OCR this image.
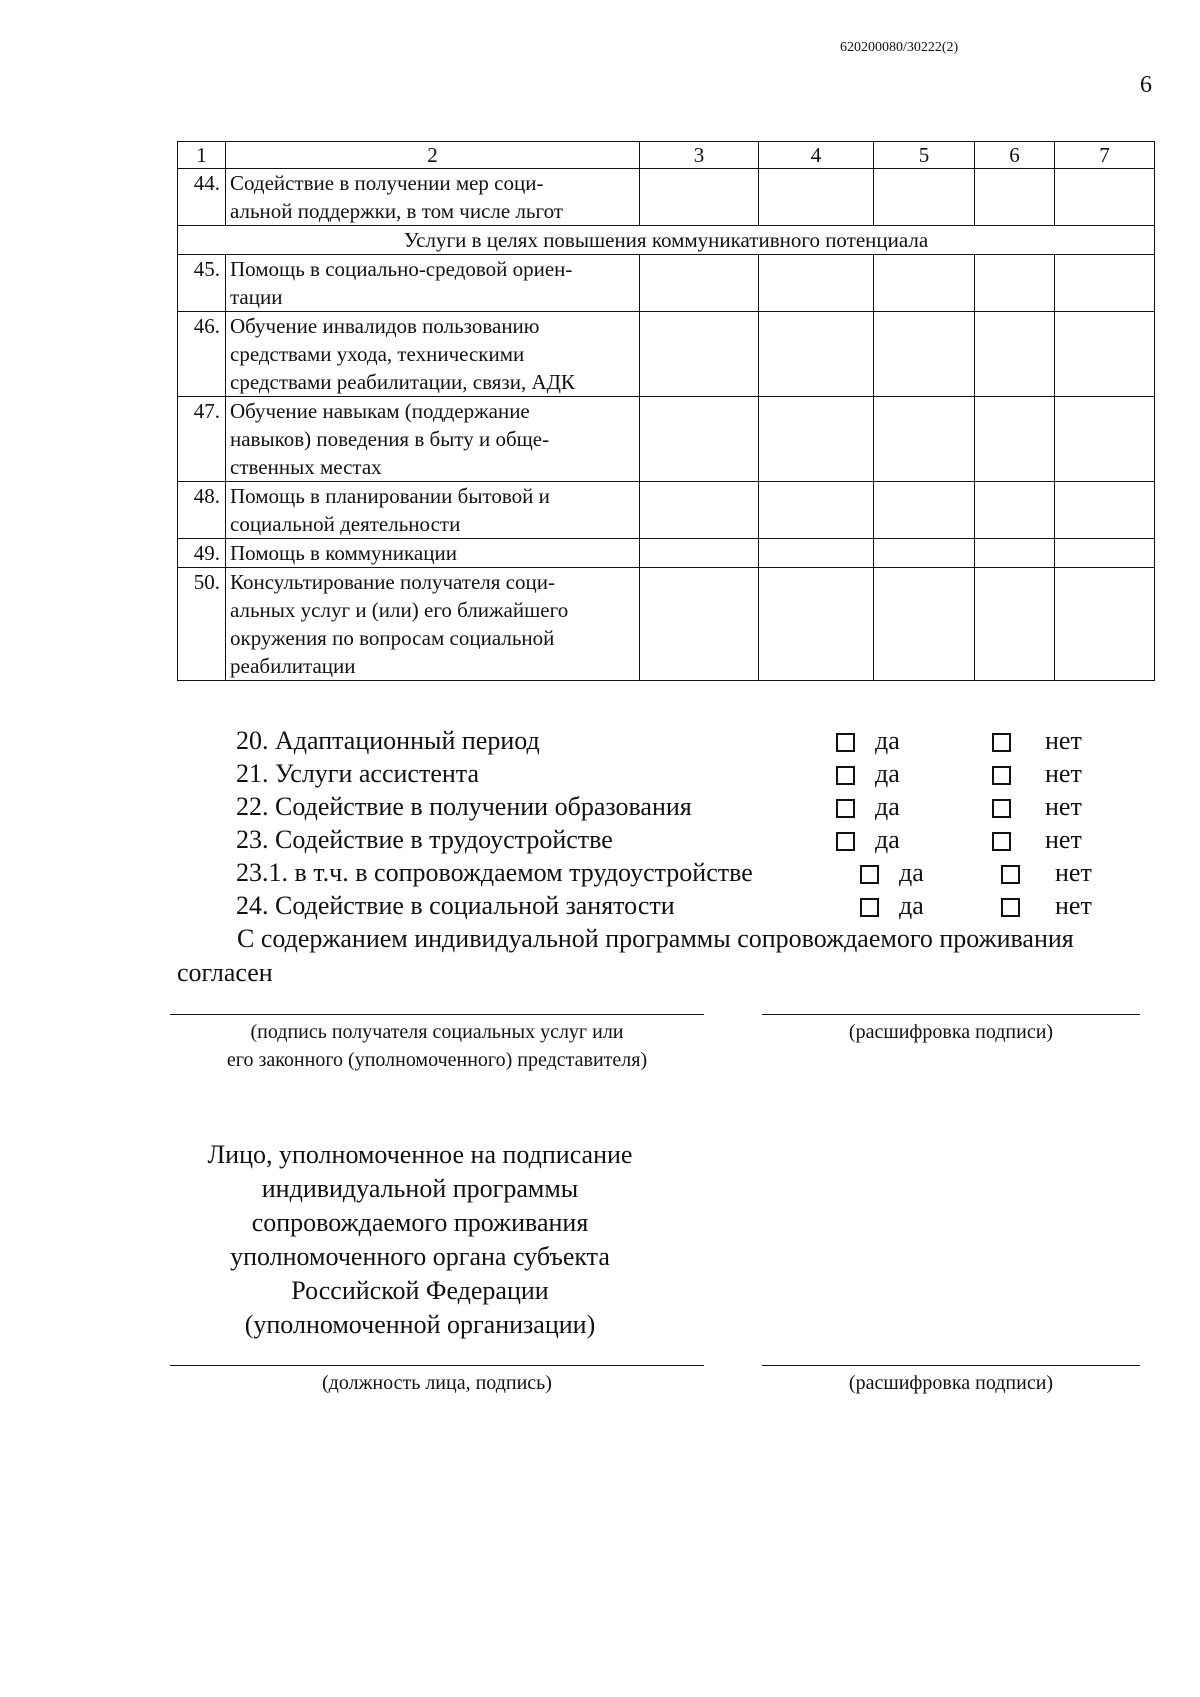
620200080/30222(2)
6
1	2	3	4	5	6	7
44.	Содействие в получении мер соци-
альной поддержки, в том числе льгот					

Услуги в целях повышения коммуникативного потенциала						
45.	Помощь в социально-средовой ориен-
тации					

46.	Обучение инвалидов пользованию
средствами ухода, техническими
средствами реабилитации, связи, АДК					

47.	Обучение навыкам (поддержание
навыков) поведения в быту и обще-
ственных местах					

48.	Помощь в планировании бытовой и
социальной деятельности					

49.	Помощь в коммуникации					

50.	Консультирование получателя соци-
альных услуг и (или) его ближайшего
окружения по вопросам социальной
реабилитации					

20. Адаптационный период	да	нет
21. Услуги ассистента	да	нет
22. Содействие в получении образования	да	нет
23. Содействие в трудоустройстве	да	нет
23.1. в т.ч. в сопровождаемом трудоустройстве	да	нет
24. Содействие в социальной занятости	да	нет
С содержанием индивидуальной программы сопровождаемого проживания
согласен
(подпись получателя социальных услуг или
его законного (уполномоченного) представителя)
(расшифровка подписи)
Лицо, уполномоченное на подписание
индивидуальной программы
сопровождаемого проживания
уполномоченного органа субъекта
Российской Федерации
(уполномоченной организации)
(должность лица, подпись)	(расшифровка подписи)
